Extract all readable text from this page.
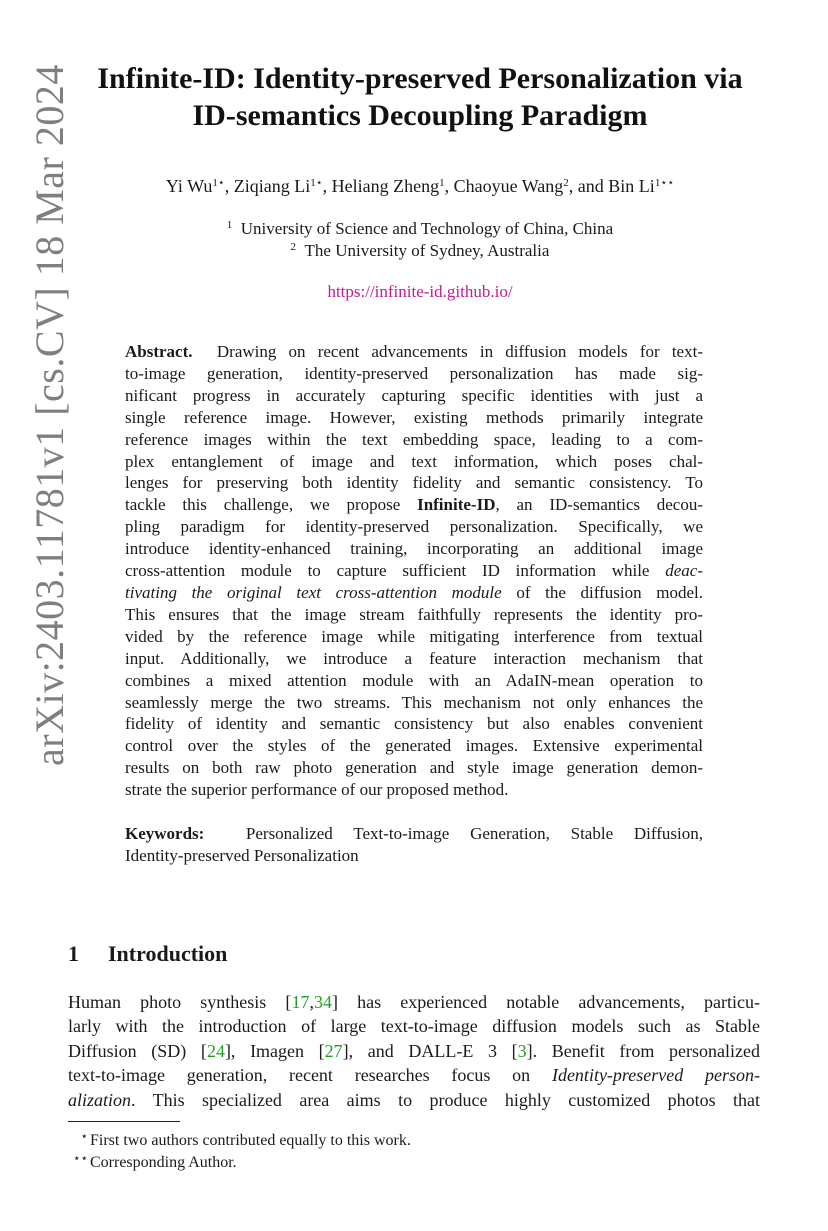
arXiv:2403.11781v1 [cs.CV] 18 Mar 2024 Infinite-ID: Identity-preserved Personalization via
ID-semantics Decoupling Paradigm
Yi $Wu^{1⋆}$, Ziqiang $Li^{1⋆}$, Heliang Zheng$^1$, Chaoyue Wang$^2$, and Bin $Li^{1⋆⋆}$
$^1$ University of Science and Technology of China, China
$^2$ The University of Sydney, Australia
https://infinite-id.github.io/
Abstract. Drawing on recent advancements in diffusion models for text-
to-image generation, identity-preserved personalization has made sig-
nificant progress in accurately capturing specific identities with just a
single reference image. However, existing methods primarily integrate
reference images within the text embedding space, leading to a com-
plex entanglement of image and text information, which poses chal-
lenges for preserving both identity fidelity and semantic consistency. To
tackle this challenge, we propose Infinite-ID, an ID-semantics decou-
pling paradigm for identity-preserved personalization. Specifically, we
introduce identity-enhanced training, incorporating an additional image
cross-attention module to capture sufficient ID information while deac-
tivating the original text cross-attention module of the diffusion model.
This ensures that the image stream faithfully represents the identity pro-
vided by the reference image while mitigating interference from textual
input. Additionally, we introduce a feature interaction mechanism that
combines a mixed attention module with an AdaIN-mean operation to
seamlessly merge the two streams. This mechanism not only enhances the
fidelity of identity and semantic consistency but also enables convenient
control over the styles of the generated images. Extensive experimental
results on both raw photo generation and style image generation demon-
strate the superior performance of our proposed method.
Keywords: Personalized Text-to-image Generation, Stable Diffusion,
Identity-preserved Personalization
1 Introduction
Human photo synthesis [17,34] has experienced notable advancements, particu-
larly with the introduction of large text-to-image diffusion models such as Stable
Diffusion (SD) [24], Imagen [27], and DALL-E 3 [3]. Benefit from personalized
text-to-image generation, recent researches focus on Identity-preserved person-
alization. This specialized area aims to produce highly customized photos that
⋆ First two authors contributed equally to this work.
⋆⋆ Corresponding Author.
